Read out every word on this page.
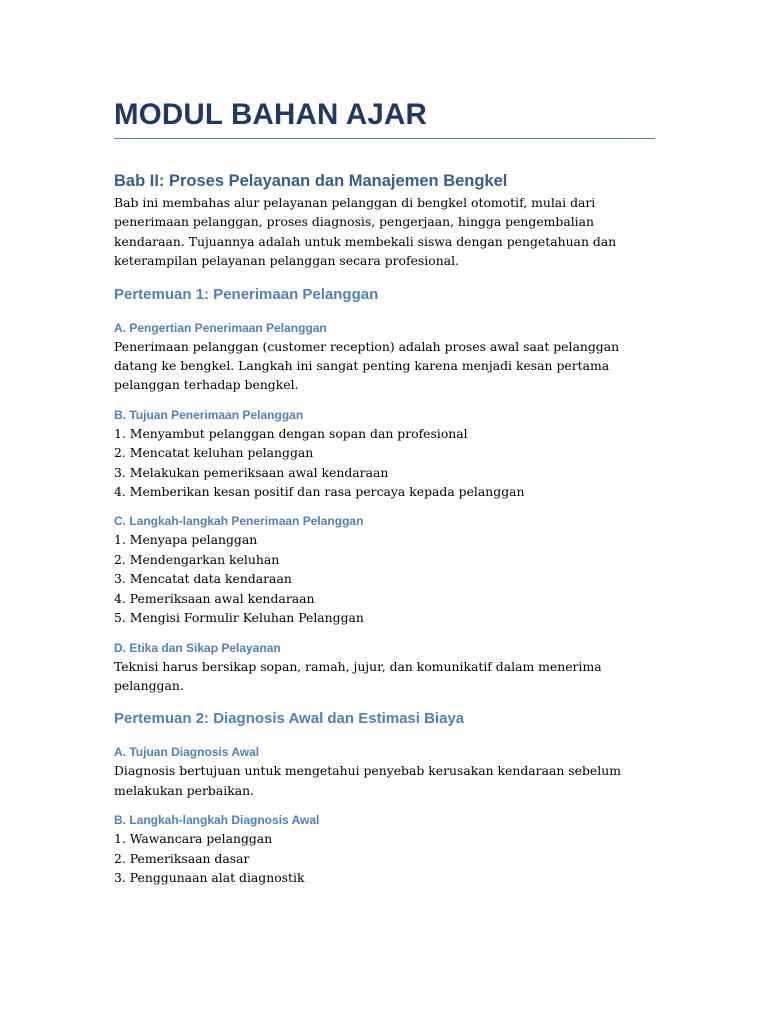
MODUL BAHAN AJAR
Bab II: Proses Pelayanan dan Manajemen Bengkel

Bab ini membahas alur pelayanan pelanggan di bengkel otomotif, mulai dari penerimaan pelanggan, proses diagnosis, pengerjaan, hingga pengembalian kendaraan. Tujuannya adalah untuk membekali siswa dengan pengetahuan dan keterampilan pelayanan pelanggan secara profesional.

Pertemuan 1: Penerimaan Pelanggan
A. Pengertian Penerimaan Pelanggan

Penerimaan pelanggan (customer reception) adalah proses awal saat pelanggan datang ke bengkel. Langkah ini sangat penting karena menjadi kesan pertama pelanggan terhadap bengkel.

B. Tujuan Penerimaan Pelanggan
1. Menyambut pelanggan dengan sopan dan profesional
2. Mencatat keluhan pelanggan
3. Melakukan pemeriksaan awal kendaraan
4. Memberikan kesan positif dan rasa percaya kepada pelanggan
C. Langkah-langkah Penerimaan Pelanggan
1. Menyapa pelanggan
2. Mendengarkan keluhan
3. Mencatat data kendaraan
4. Pemeriksaan awal kendaraan
5. Mengisi Formulir Keluhan Pelanggan
D. Etika dan Sikap Pelayanan

Teknisi harus bersikap sopan, ramah, jujur, dan komunikatif dalam menerima pelanggan.

Pertemuan 2: Diagnosis Awal dan Estimasi Biaya
A. Tujuan Diagnosis Awal

Diagnosis bertujuan untuk mengetahui penyebab kerusakan kendaraan sebelum melakukan perbaikan.

B. Langkah-langkah Diagnosis Awal
1. Wawancara pelanggan
2. Pemeriksaan dasar
3. Penggunaan alat diagnostik
